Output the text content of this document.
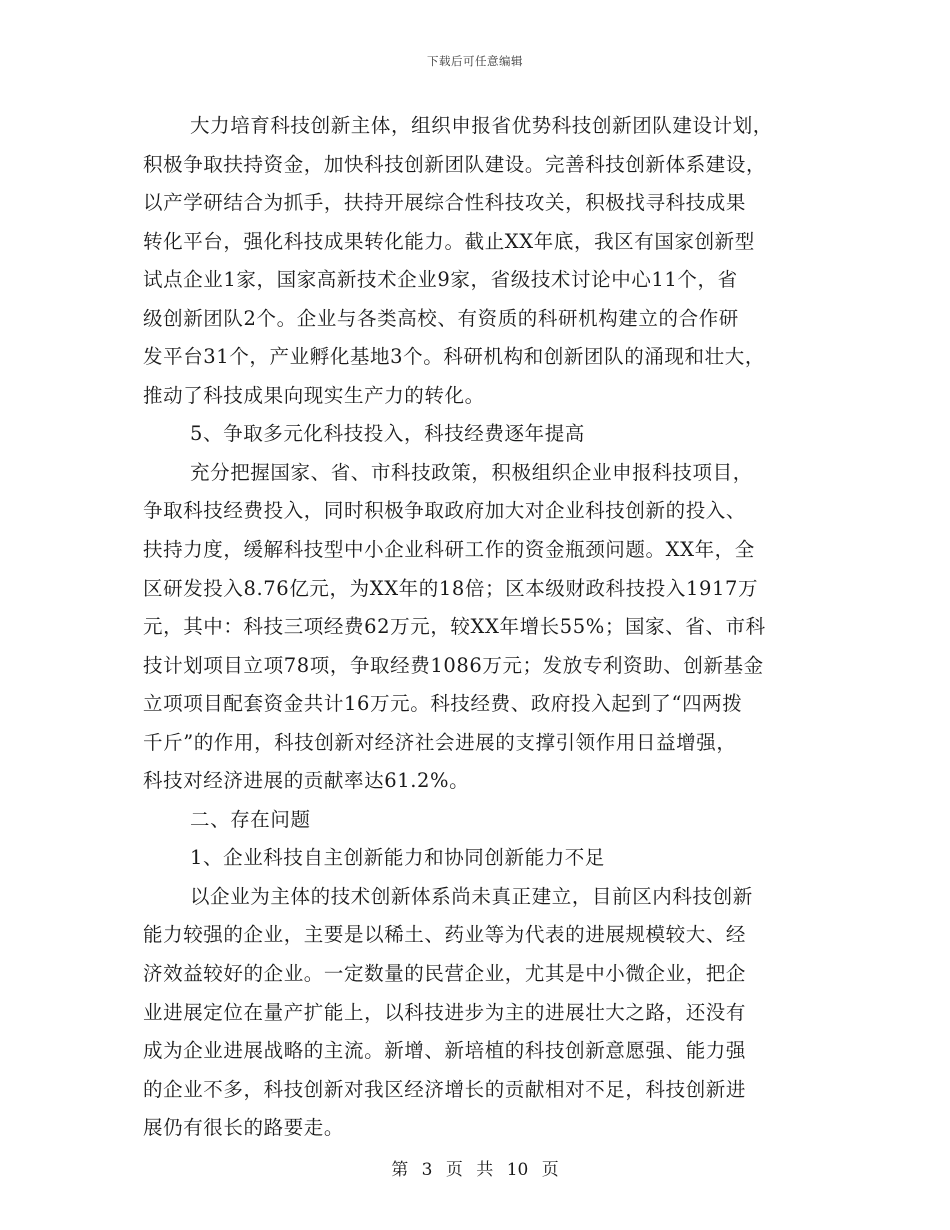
下载后可任意编辑
大力培育科技创新主体，组织申报省优势科技创新团队建设计划，
积极争取扶持资金，加快科技创新团队建设。完善科技创新体系建设，
以产学研结合为抓手，扶持开展综合性科技攻关，积极找寻科技成果
转化平台，强化科技成果转化能力。截止XX年底，我区有国家创新型
试点企业1家，国家高新技术企业9家，省级技术讨论中心11个，省
级创新团队2个。企业与各类高校、有资质的科研机构建立的合作研
发平台31个，产业孵化基地3个。科研机构和创新团队的涌现和壮大，
推动了科技成果向现实生产力的转化。
5、争取多元化科技投入，科技经费逐年提高
充分把握国家、省、市科技政策，积极组织企业申报科技项目，
争取科技经费投入，同时积极争取政府加大对企业科技创新的投入、
扶持力度，缓解科技型中小企业科研工作的资金瓶颈问题。XX年，全
区研发投入8.76亿元，为XX年的18倍；区本级财政科技投入1917万
元，其中：科技三项经费62万元，较XX年增长55%；国家、省、市科
技计划项目立项78项，争取经费1086万元；发放专利资助、创新基金
立项项目配套资金共计16万元。科技经费、政府投入起到了“四两拨
千斤”的作用，科技创新对经济社会进展的支撑引领作用日益增强，
科技对经济进展的贡献率达61.2%。
二、存在问题
1、企业科技自主创新能力和协同创新能力不足
以企业为主体的技术创新体系尚未真正建立，目前区内科技创新
能力较强的企业，主要是以稀土、药业等为代表的进展规模较大、经
济效益较好的企业。一定数量的民营企业，尤其是中小微企业，把企
业进展定位在量产扩能上，以科技进步为主的进展壮大之路，还没有
成为企业进展战略的主流。新增、新培植的科技创新意愿强、能力强
的企业不多，科技创新对我区经济增长的贡献相对不足，科技创新进
展仍有很长的路要走。
第 3 页 共 10 页
